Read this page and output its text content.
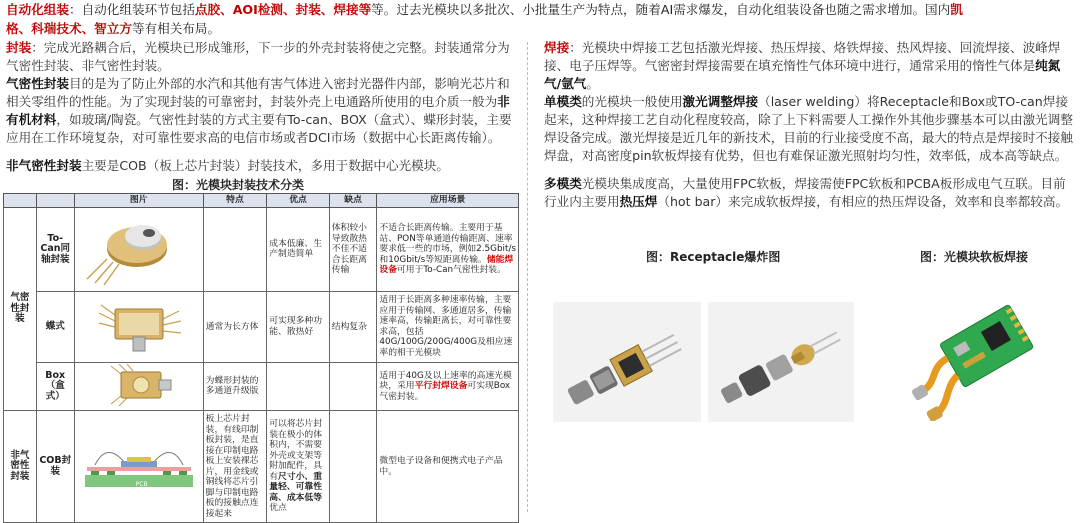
自动化组装：自动化组装环节包括点胶、AOI检测、封装、焊接等等。过去光模块以多批次、小批量生产为特点，随着AI需求爆发，自动化组装设备也随之需求增加。国内凯
格、科瑞技术、智立方等有相关布局。
封装：完成光路耦合后，光模块已形成雏形，下一步的外壳封装将使之完整。封装通常分为气密性封装、非气密性封装。
气密性封装目的是为了防止外部的水汽和其他有害气体进入密封光器件内部，影响光芯片和相关零组件的性能。为了实现封装的可靠密封，封装外壳上电通路所使用的电介质一般为非有机材料，如玻璃/陶瓷。气密性封装的方式主要有To-can、BOX（盒式）、蝶形封装，主要应用在工作环境复杂，对可靠性要求高的电信市场或者DCI市场（数据中心长距离传输）。
非气密性封装主要是COB（板上芯片封装）封装技术，多用于数据中心光模块。
图：光模块封装技术分类
		图片	特点	优点	缺点	应用场景
气密性封装	To-Can同轴封装			成本低廉、生产制造简单	体积较小导致散热不佳不适合长距离传输	不适合长距离传输。主要用于基站、PON等单通道传输距离、速率要求低一些的市场，例如2.5Gbit/s和10Gbit/s等短距离传输。储能焊设备可用于To-Can气密性封装。
	蝶式		通常为长方体	可实现多种功能、散热好	结构复杂	适用于长距离多种速率传输，主要应用于传输网、多通道居多，传输速率高，传输距离长，对可靠性要求高，包括40G/100G/200G/400G及相应速率的相干光模块
	Box（盒式）		为蝶形封装的多通道升级版			适用于40G及以上速率的高速光模块，采用平行封焊设备可实现Box气密封装。
非气密性封装	COB封装	PCB	板上芯片封装，有线印制板封装，是直接在印制电路板上安装裸芯片，用金线或铜线将芯片引脚与印制电路板的接触点连接起来	可以将芯片封装在极小的体积内，不需要外壳或支架等附加配件，具有尺寸小、重量轻、可靠性高、成本低等优点		微型电子设备和便携式电子产品中。
焊接：光模块中焊接工艺包括激光焊接、热压焊接、烙铁焊接、热风焊接、回流焊接、波峰焊接、电子压焊等。气密密封焊接需要在填充惰性气体环境中进行，通常采用的惰性气体是纯氮气/氩气。
单模类的光模块一般使用激光调整焊接（laser welding）将Receptacle和Box或TO-can焊接起来，这种焊接工艺自动化程度较高，除了上下料需要人工操作外其他步骤基本可以由激光调整焊设备完成。激光焊接是近几年的新技术，目前的行业接受度不高，最大的特点是焊接时不接触焊盘，对高密度pin软板焊接有优势，但也有难保证激光照射均匀性，效率低，成本高等缺点。
多模类光模块集成度高，大量使用FPC软板，焊接需使FPC软板和PCBA板形成电气互联。目前行业内主要用热压焊（hot bar）来完成软板焊接，有相应的热压焊设备，效率和良率都较高。
图：Receptacle爆炸图	图：光模块软板焊接
